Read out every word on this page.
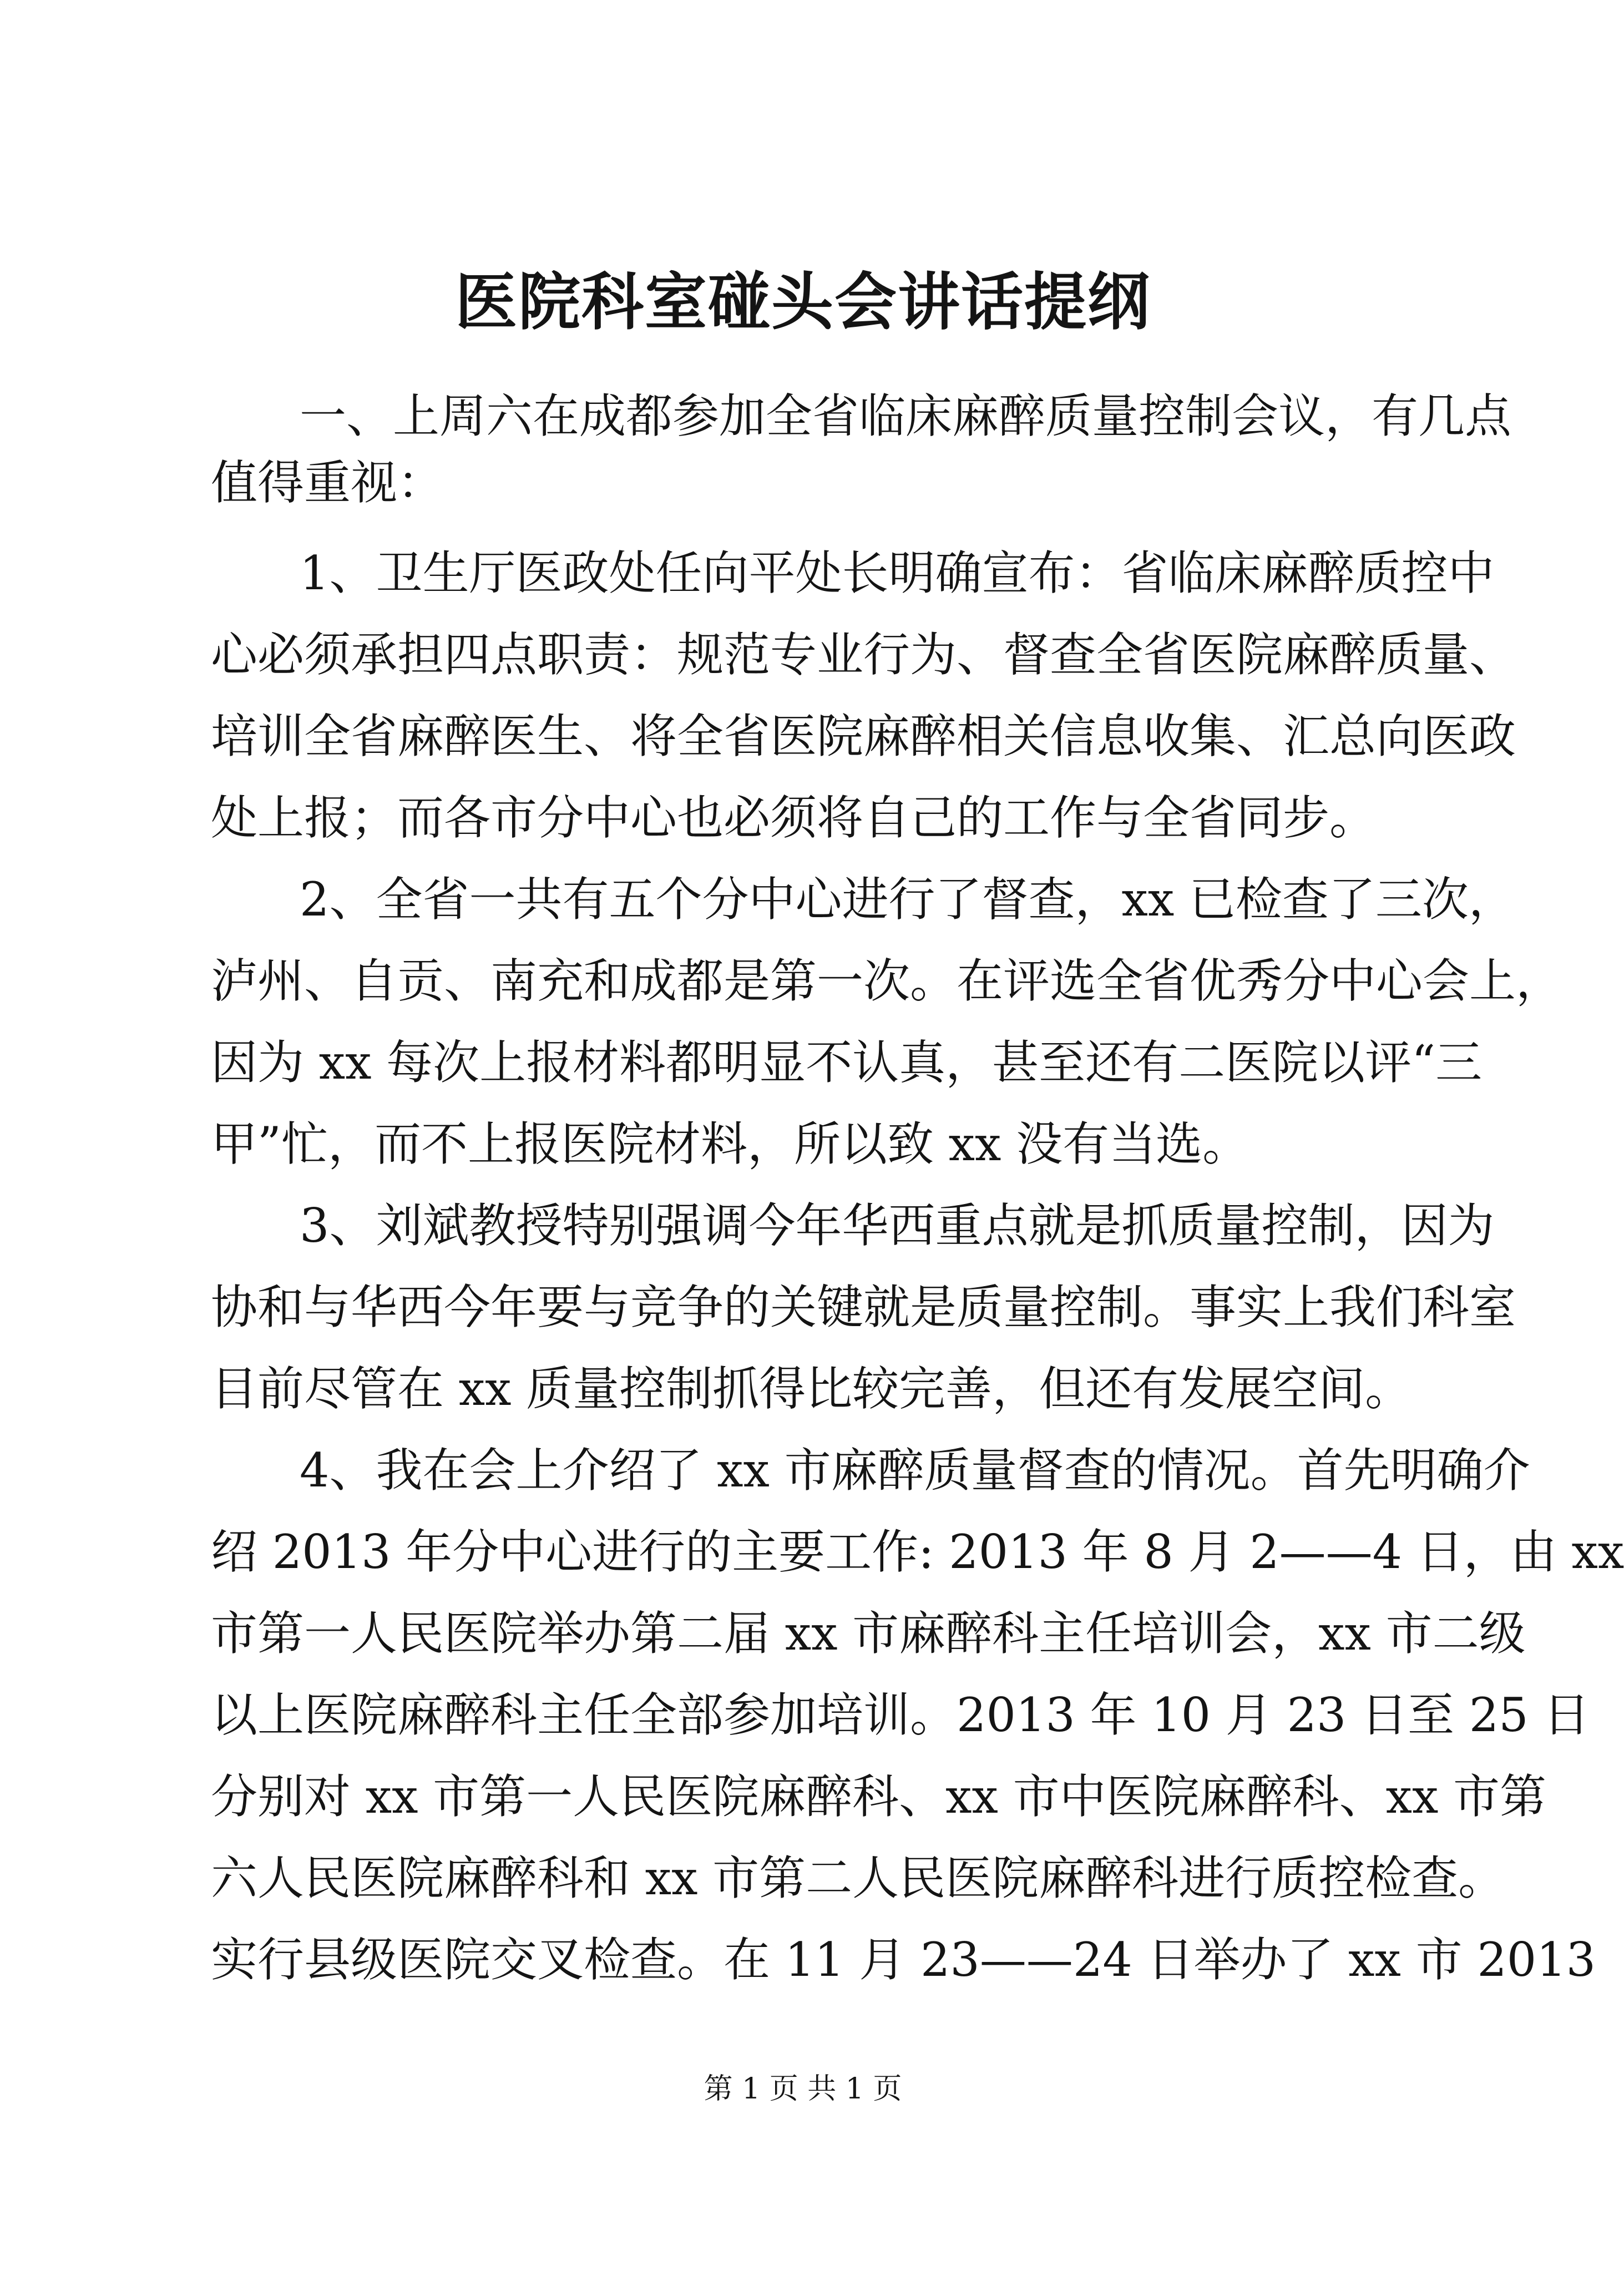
医院科室碰头会讲话提纲

一、上周六在成都参加全省临床麻醉质量控制会议，有几点

值得重视：

1、卫生厅医政处任向平处长明确宣布：省临床麻醉质控中

心必须承担四点职责：规范专业行为、督查全省医院麻醉质量、

培训全省麻醉医生、将全省医院麻醉相关信息收集、汇总向医政

处上报；而各市分中心也必须将自己的工作与全省同步。

2、全省一共有五个分中心进行了督查，xx 已检查了三次，

泸州、自贡、南充和成都是第一次。在评选全省优秀分中心会上，

因为 xx 每次上报材料都明显不认真，甚至还有二医院以评“三

甲”忙，而不上报医院材料，所以致 xx 没有当选。

3、刘斌教授特别强调今年华西重点就是抓质量控制，因为

协和与华西今年要与竞争的关键就是质量控制。事实上我们科室

目前尽管在 xx 质量控制抓得比较完善，但还有发展空间。

4、我在会上介绍了 xx 市麻醉质量督查的情况。首先明确介

绍 2013 年分中心进行的主要工作: 2013 年 8 月 2——4 日，由 xx

市第一人民医院举办第二届 xx 市麻醉科主任培训会，xx 市二级

以上医院麻醉科主任全部参加培训。2013 年 10 月 23 日至 25 日

分别对 xx 市第一人民医院麻醉科、xx 市中医院麻醉科、xx 市第

六人民医院麻醉科和 xx 市第二人民医院麻醉科进行质控检查。

实行县级医院交叉检查。在 11 月 23——24 日举办了 xx 市 2013

第 1 页 共 1 页
